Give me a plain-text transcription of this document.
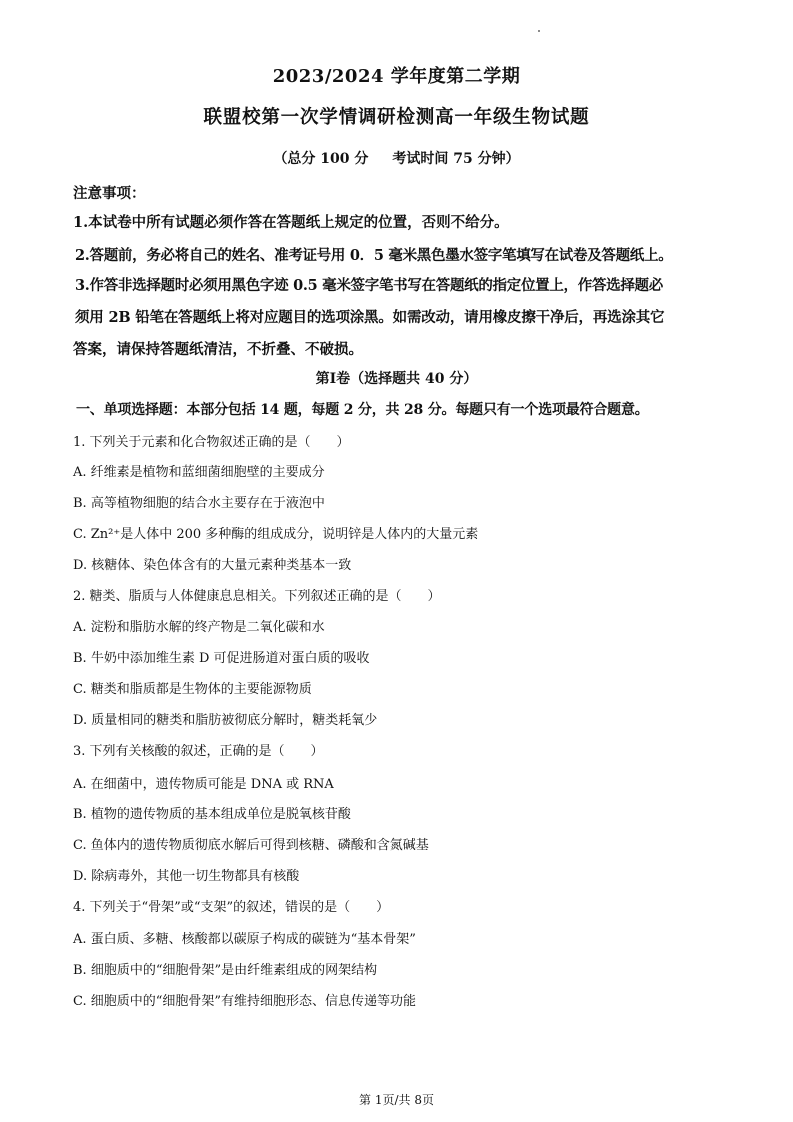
2023/2024 学年度第二学期
联盟校第一次学情调研检测高一年级生物试题
（总分 100 分 考试时间 75 分钟）
注意事项：
1.本试卷中所有试题必须作答在答题纸上规定的位置，否则不给分。
2.答题前，务必将自己的姓名、准考证号用 0．5 毫米黑色墨水签字笔填写在试卷及答题纸上。
3.作答非选择题时必须用黑色字迹 0.5 毫米签字笔书写在答题纸的指定位置上，作答选择题必
须用 2B 铅笔在答题纸上将对应题目的选项涂黑。如需改动，请用橡皮擦干净后，再选涂其它
答案，请保持答题纸清洁，不折叠、不破损。
第Ⅰ卷（选择题共 40 分）
一、单项选择题：本部分包括 14 题，每题 2 分，共 28 分。每题只有一个选项最符合题意。
1. 下列关于元素和化合物叙述正确的是（　　）
A. 纤维素是植物和蓝细菌细胞壁的主要成分
B. 高等植物细胞的结合水主要存在于液泡中
C. Zn²⁺是人体中 200 多种酶的组成成分，说明锌是人体内的大量元素
D. 核糖体、染色体含有的大量元素种类基本一致
2. 糖类、脂质与人体健康息息相关。下列叙述正确的是（　　）
A. 淀粉和脂肪水解的终产物是二氧化碳和水
B. 牛奶中添加维生素 D 可促进肠道对蛋白质的吸收
C. 糖类和脂质都是生物体的主要能源物质
D. 质量相同的糖类和脂肪被彻底分解时，糖类耗氧少
3. 下列有关核酸的叙述，正确的是（　　）
A. 在细菌中，遗传物质可能是 DNA 或 RNA
B. 植物的遗传物质的基本组成单位是脱氧核苷酸
C. 鱼体内的遗传物质彻底水解后可得到核糖、磷酸和含氮碱基
D. 除病毒外，其他一切生物都具有核酸
4. 下列关于“骨架”或“支架”的叙述，错误的是（　　）
A. 蛋白质、多糖、核酸都以碳原子构成的碳链为“基本骨架”
B. 细胞质中的“细胞骨架”是由纤维素组成的网架结构
C. 细胞质中的“细胞骨架”有维持细胞形态、信息传递等功能
第 1页/共 8页
